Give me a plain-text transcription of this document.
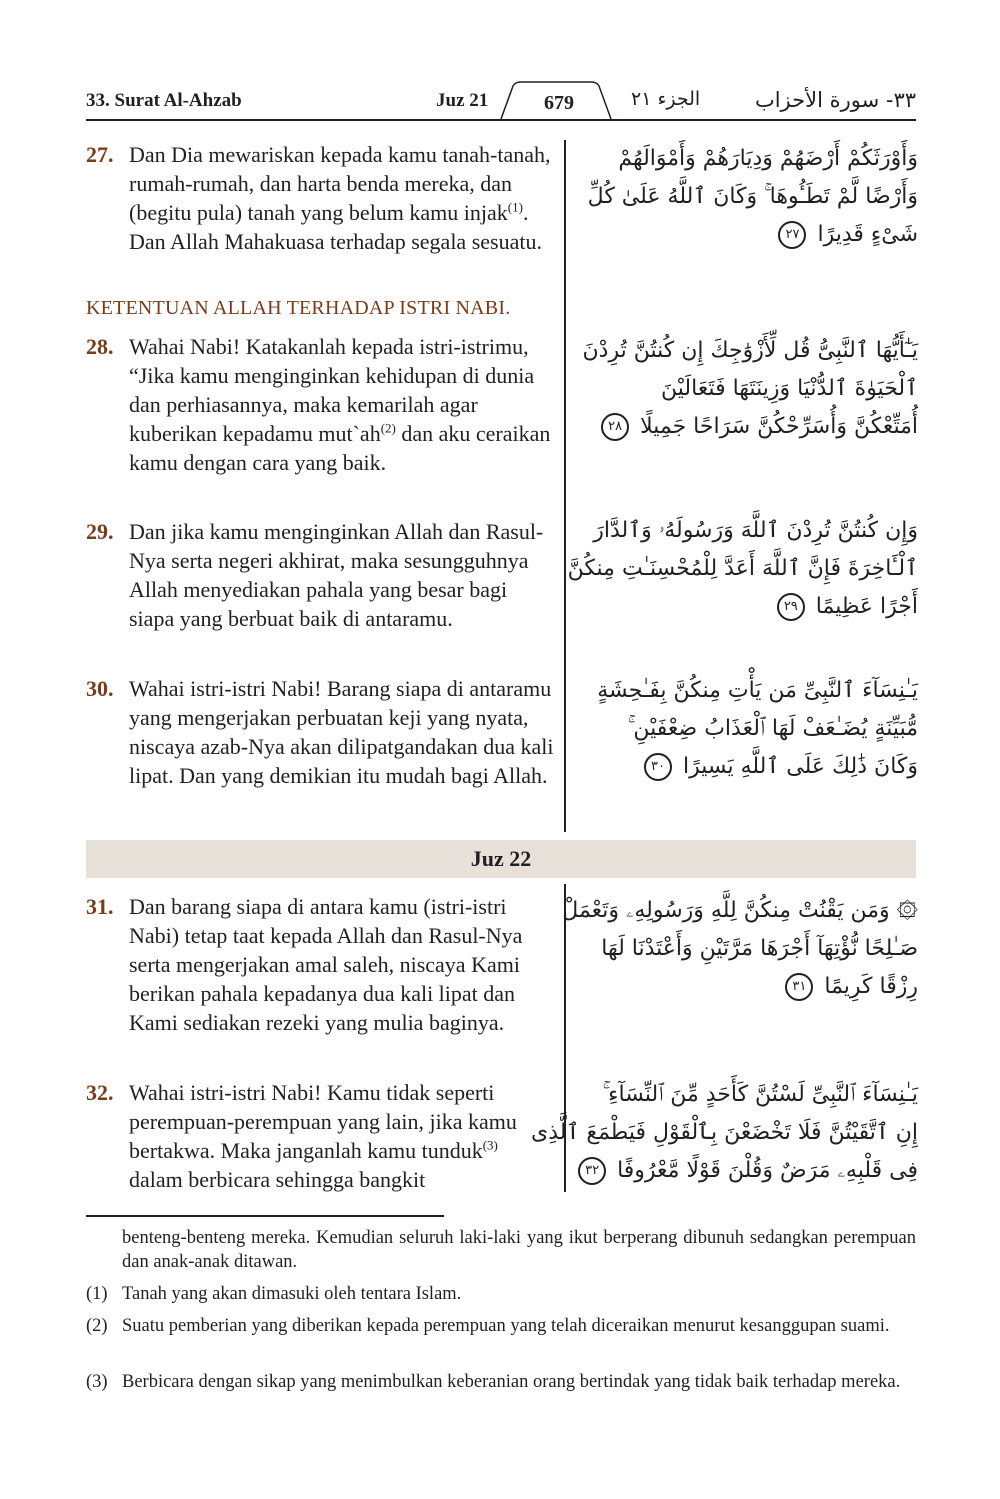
33. Surat Al-Ahzab	Juz 21	679	الجزء ٢١	٣٣- سورة الأحزاب
27. Dan Dia mewariskan kepada kamu tanah-tanah, rumah-rumah, dan harta benda mereka, dan (begitu pula) tanah yang belum kamu injak$^{(1)}$. Dan Allah Mahakuasa terhadap segala sesuatu.
KETENTUAN ALLAH TERHADAP ISTRI NABI.
28. Wahai Nabi! Katakanlah kepada istri-istrimu, “Jika kamu menginginkan kehidupan di dunia dan perhiasannya, maka kemarilah agar kuberikan kepadamu $mut`ah^{(2)}$ dan aku ceraikan kamu dengan cara yang baik.
29. Dan jika kamu menginginkan Allah dan Rasul-Nya serta negeri akhirat, maka sesungguhnya Allah menyediakan pahala yang besar bagi siapa yang berbuat baik di antaramu.
30. Wahai istri-istri Nabi! Barang siapa di antaramu yang mengerjakan perbuatan keji yang nyata, niscaya azab-Nya akan dilipatgandakan dua kali lipat. Dan yang demikian itu mudah bagi Allah.
وَأَوْرَثَكُمْ أَرْضَهُمْ وَدِيَارَهُمْ وَأَمْوَالَهُمْ
وَأَرْضًا لَّمْ تَطَـُٔوهَا ۚ وَكَانَ ٱللَّهُ عَلَىٰ كُلِّ
شَىْءٍ قَدِيرًا ٢٧
يَـٰٓأَيُّهَا ٱلنَّبِىُّ قُل لِّأَزْوَٰجِكَ إِن كُنتُنَّ تُرِدْنَ
ٱلْحَيَوٰةَ ٱلدُّنْيَا وَزِينَتَهَا فَتَعَالَيْنَ
أُمَتِّعْكُنَّ وَأُسَرِّحْكُنَّ سَرَاحًا جَمِيلًا ٢٨
وَإِن كُنتُنَّ تُرِدْنَ ٱللَّهَ وَرَسُولَهُۥ وَٱلدَّارَ
ٱلْـَٔاخِرَةَ فَإِنَّ ٱللَّهَ أَعَدَّ لِلْمُحْسِنَـٰتِ مِنكُنَّ
أَجْرًا عَظِيمًا ٢٩
يَـٰنِسَآءَ ٱلنَّبِىِّ مَن يَأْتِ مِنكُنَّ بِفَـٰحِشَةٍ
مُّبَيِّنَةٍ يُضَـٰعَفْ لَهَا ٱلْعَذَابُ ضِعْفَيْنِ ۚ
وَكَانَ ذَٰلِكَ عَلَى ٱللَّهِ يَسِيرًا ٣٠
Juz 22
31. Dan barang siapa di antara kamu (istri-istri Nabi) tetap taat kepada Allah dan Rasul-Nya serta mengerjakan amal saleh, niscaya Kami berikan pahala kepadanya dua kali lipat dan Kami sediakan rezeki yang mulia baginya.
32. Wahai istri-istri Nabi! Kamu tidak seperti perempuan-perempuan yang lain, jika kamu bertakwa. Maka janganlah kamu tunduk$^{(3)}$ dalam berbicara sehingga bangkit
۞ وَمَن يَقْنُتْ مِنكُنَّ لِلَّهِ وَرَسُولِهِۦ وَتَعْمَلْ
صَـٰلِحًا نُّؤْتِهَآ أَجْرَهَا مَرَّتَيْنِ وَأَعْتَدْنَا لَهَا
رِزْقًا كَرِيمًا ٣١
يَـٰنِسَآءَ ٱلنَّبِىِّ لَسْتُنَّ كَأَحَدٍ مِّنَ ٱلنِّسَآءِ ۚ
إِنِ ٱتَّقَيْتُنَّ فَلَا تَخْضَعْنَ بِٱلْقَوْلِ فَيَطْمَعَ ٱلَّذِى
فِى قَلْبِهِۦ مَرَضٌ وَقُلْنَ قَوْلًا مَّعْرُوفًا ٣٢
benteng-benteng mereka. Kemudian seluruh laki-laki yang ikut berperang dibunuh sedangkan perempuan dan anak-anak ditawan.
(1) Tanah yang akan dimasuki oleh tentara Islam.
(2) Suatu pemberian yang diberikan kepada perempuan yang telah diceraikan menurut kesanggupan suami.
(3) Berbicara dengan sikap yang menimbulkan keberanian orang bertindak yang tidak baik terhadap mereka.
